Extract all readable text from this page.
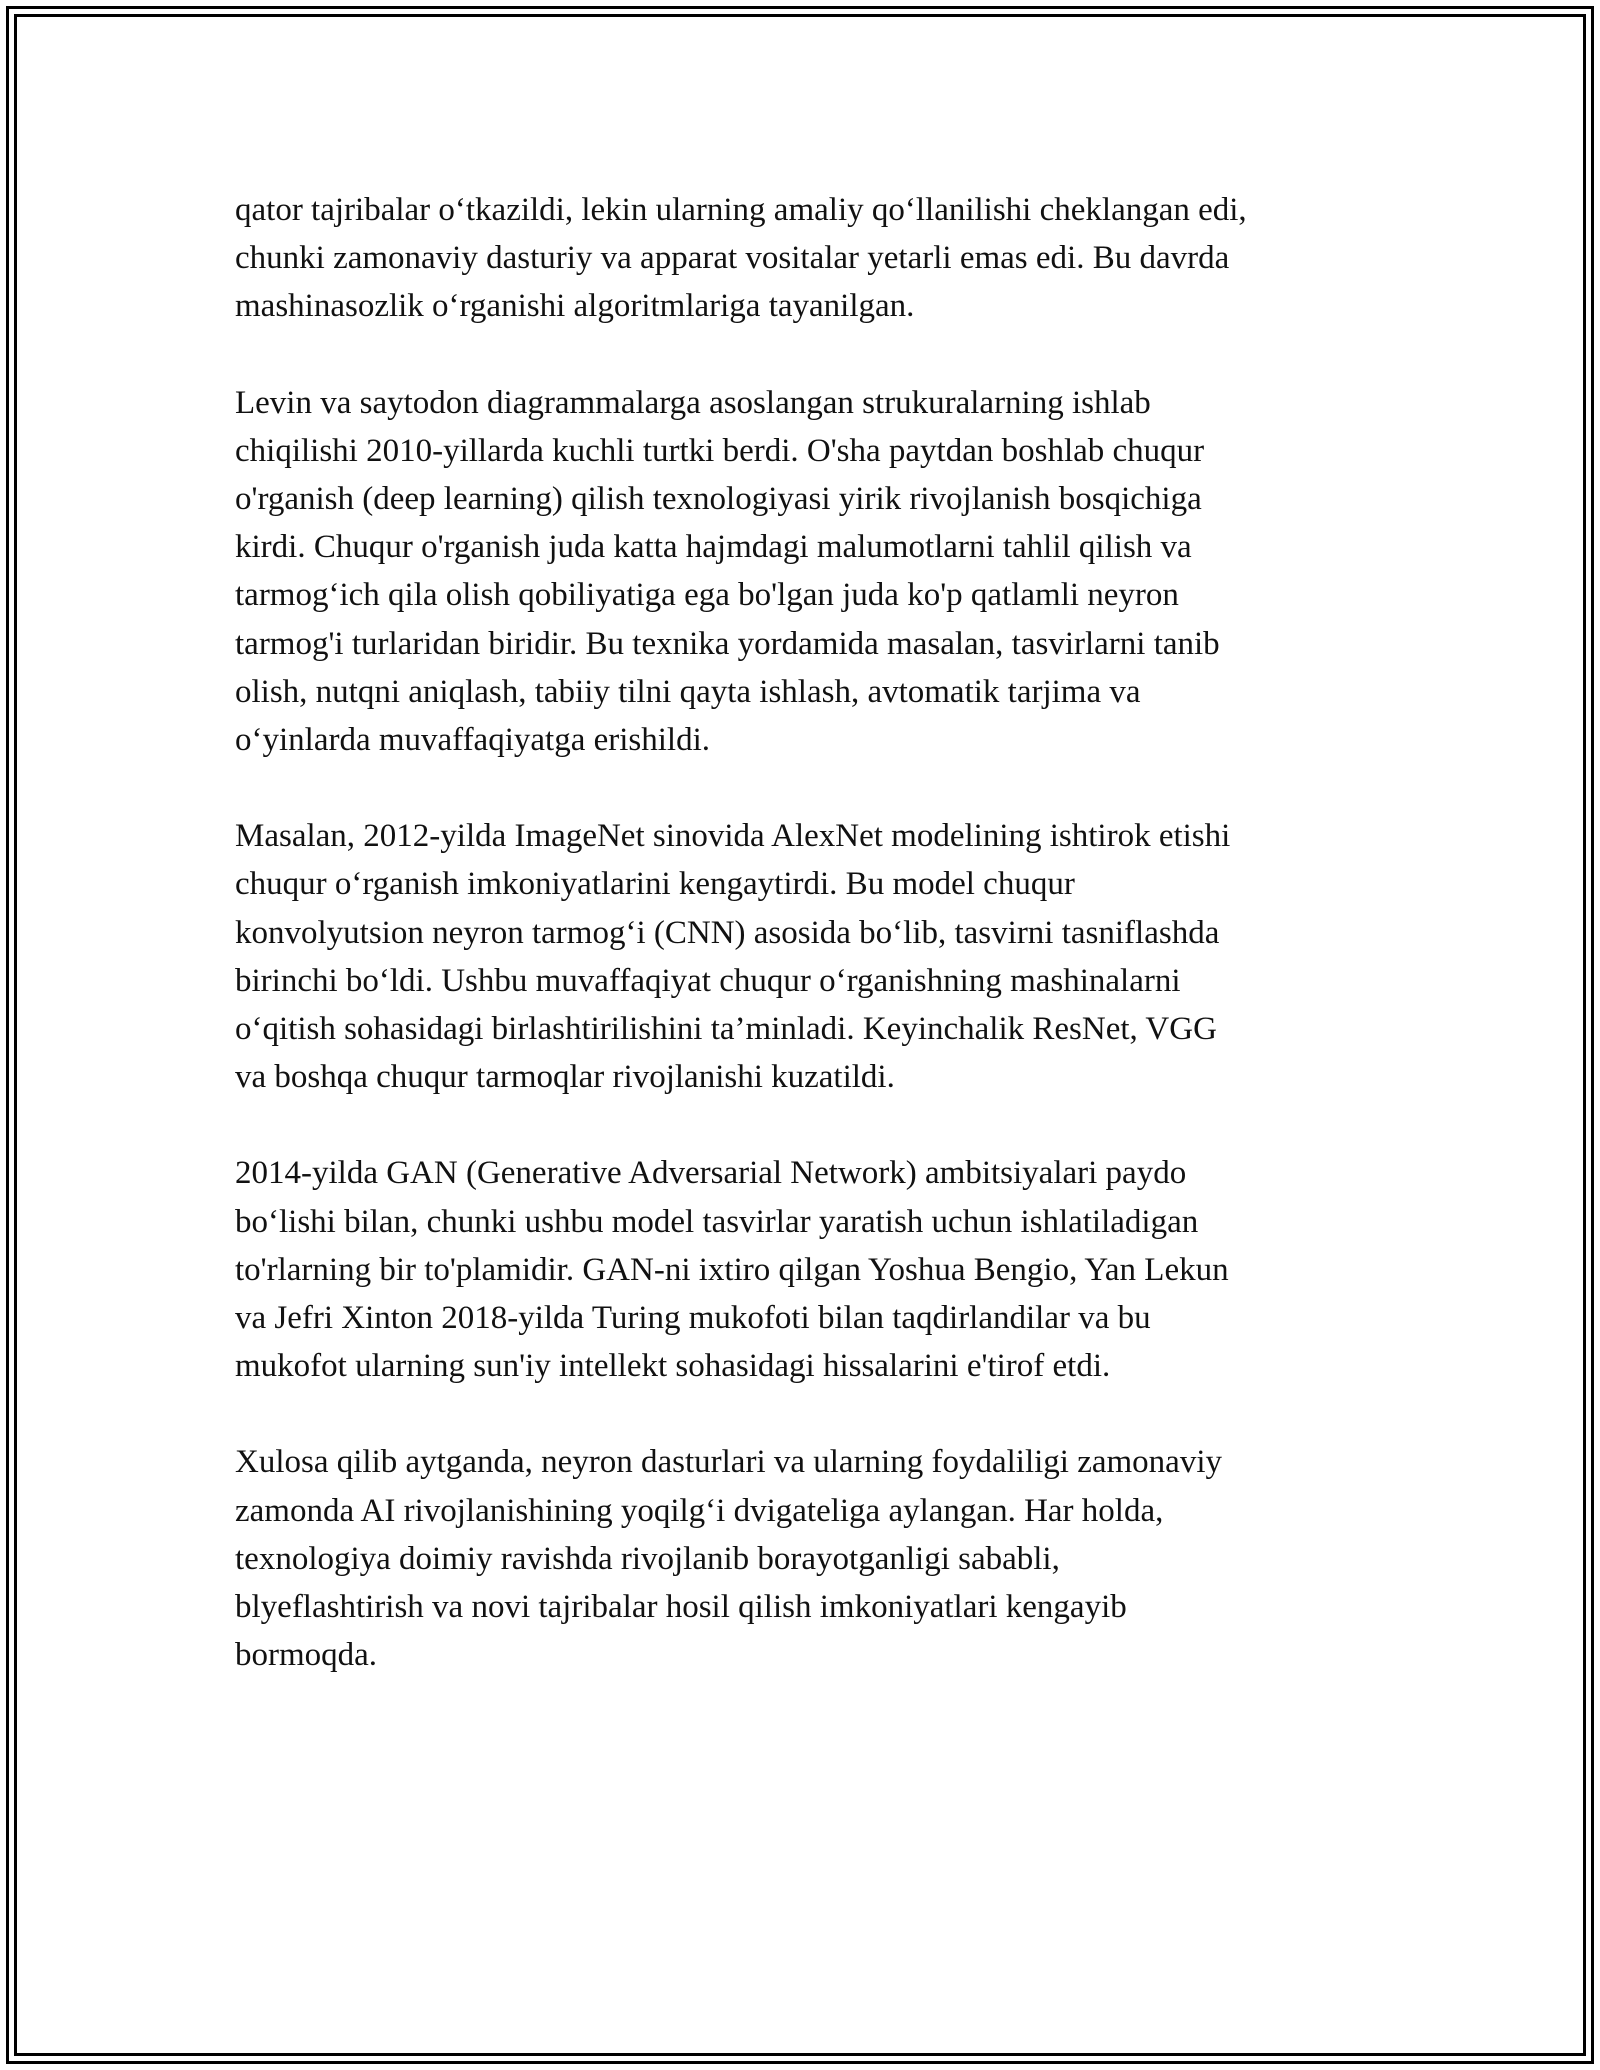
qator tajribalar o‘tkazildi, lekin ularning amaliy qo‘llanilishi cheklangan edi,
chunki zamonaviy dasturiy va apparat vositalar yetarli emas edi. Bu davrda
mashinasozlik o‘rganishi algoritmlariga tayanilgan.

Levin va saytodon diagrammalarga asoslangan strukuralarning ishlab
chiqilishi 2010-yillarda kuchli turtki berdi. O'sha paytdan boshlab chuqur
o'rganish (deep learning) qilish texnologiyasi yirik rivojlanish bosqichiga
kirdi. Chuqur o'rganish juda katta hajmdagi malumotlarni tahlil qilish va
tarmog‘ich qila olish qobiliyatiga ega bo'lgan juda ko'p qatlamli neyron
tarmog'i turlaridan biridir. Bu texnika yordamida masalan, tasvirlarni tanib
olish, nutqni aniqlash, tabiiy tilni qayta ishlash, avtomatik tarjima va
o‘yinlarda muvaffaqiyatga erishildi.

Masalan, 2012-yilda ImageNet sinovida AlexNet modelining ishtirok etishi
chuqur o‘rganish imkoniyatlarini kengaytirdi. Bu model chuqur
konvolyutsion neyron tarmog‘i (CNN) asosida bo‘lib, tasvirni tasniflashda
birinchi bo‘ldi. Ushbu muvaffaqiyat chuqur o‘rganishning mashinalarni
o‘qitish sohasidagi birlashtirilishini ta’minladi. Keyinchalik ResNet, VGG
va boshqa chuqur tarmoqlar rivojlanishi kuzatildi.

2014-yilda GAN (Generative Adversarial Network) ambitsiyalari paydo
bo‘lishi bilan, chunki ushbu model tasvirlar yaratish uchun ishlatiladigan
to'rlarning bir to'plamidir. GAN-ni ixtiro qilgan Yoshua Bengio, Yan Lekun
va Jefri Xinton 2018-yilda Turing mukofoti bilan taqdirlandilar va bu
mukofot ularning sun'iy intellekt sohasidagi hissalarini e'tirof etdi.

Xulosa qilib aytganda, neyron dasturlari va ularning foydaliligi zamonaviy
zamonda AI rivojlanishining yoqilg‘i dvigateliga aylangan. Har holda,
texnologiya doimiy ravishda rivojlanib borayotganligi sababli,
blyeflashtirish va novi tajribalar hosil qilish imkoniyatlari kengayib
bormoqda.
